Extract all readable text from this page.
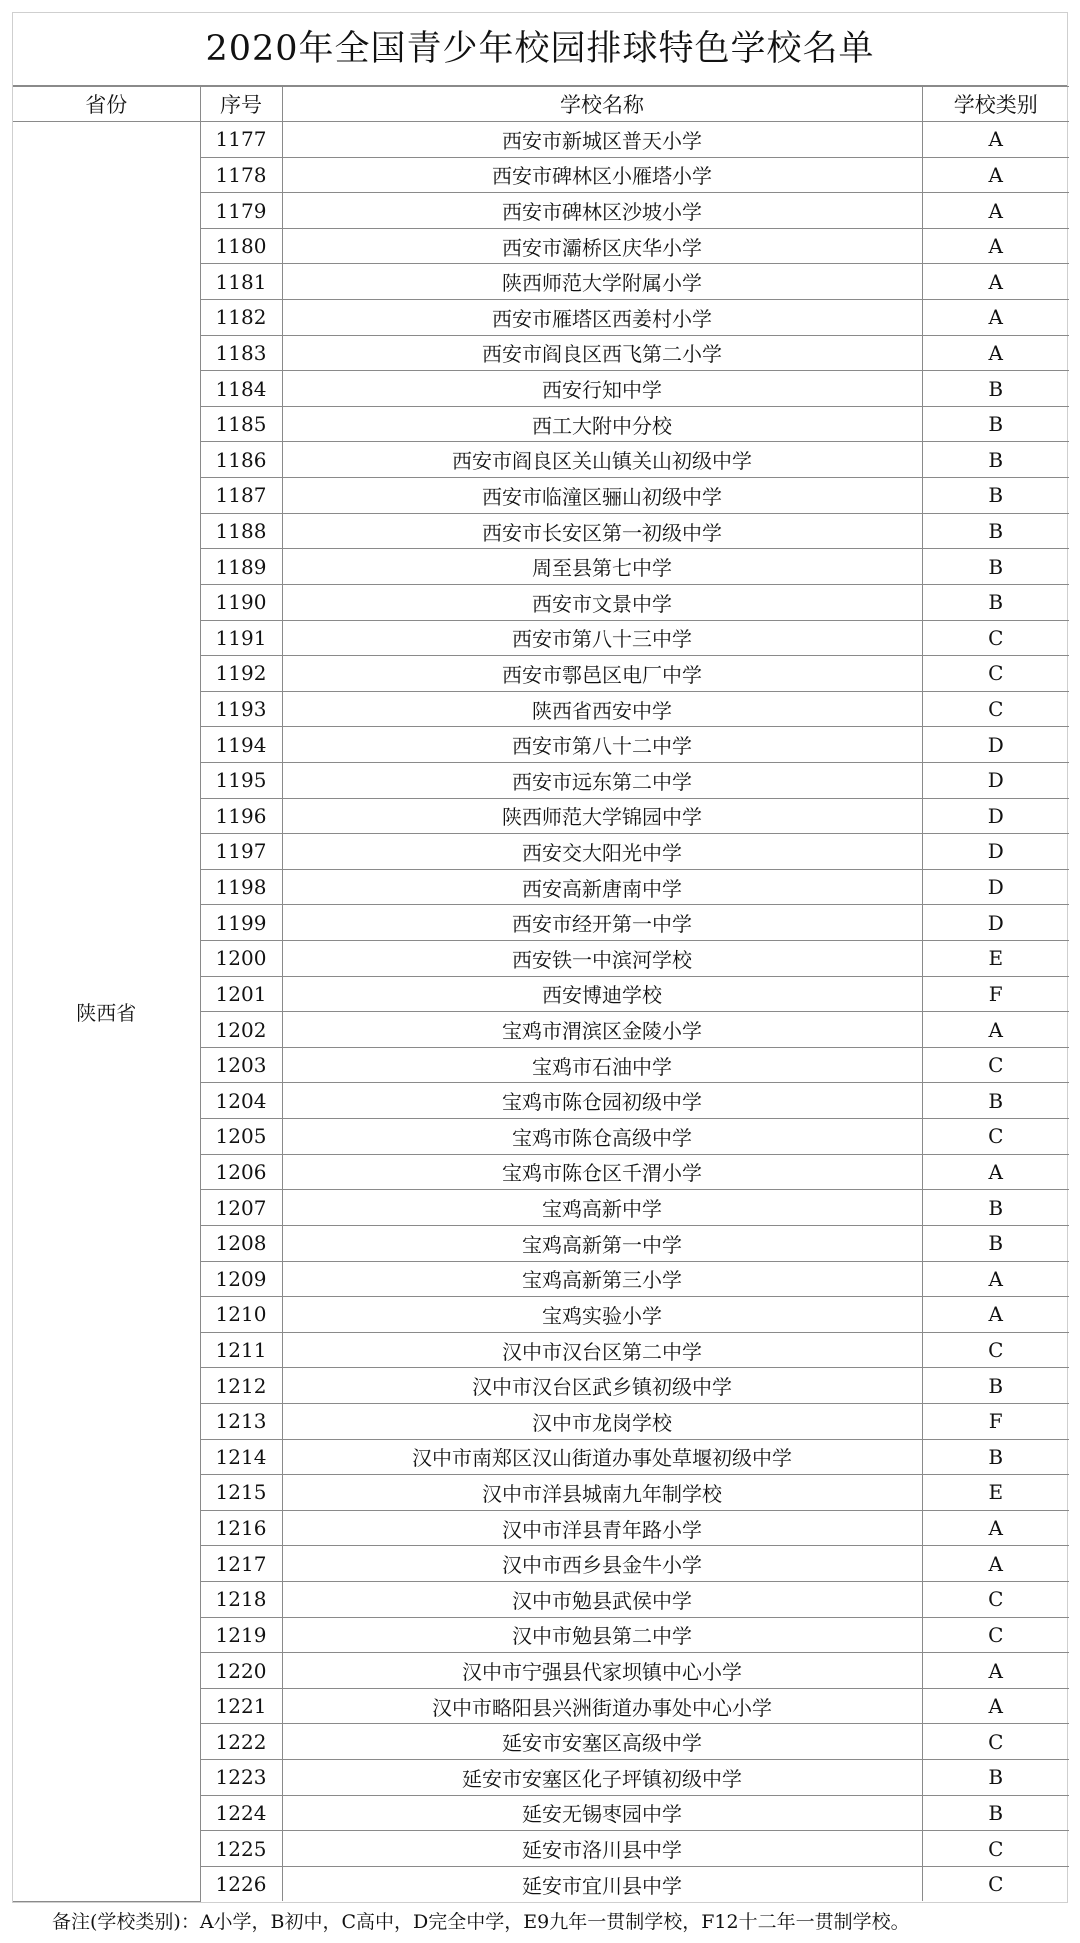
2020年全国青少年校园排球特色学校名单
省份	序号	学校名称	学校类别
陕西省	1177	西安市新城区普天小学	A
	1178	西安市碑林区小雁塔小学	A
	1179	西安市碑林区沙坡小学	A
	1180	西安市灞桥区庆华小学	A
	1181	陕西师范大学附属小学	A
	1182	西安市雁塔区西姜村小学	A
	1183	西安市阎良区西飞第二小学	A
	1184	西安行知中学	B
	1185	西工大附中分校	B
	1186	西安市阎良区关山镇关山初级中学	B
	1187	西安市临潼区骊山初级中学	B
	1188	西安市长安区第一初级中学	B
	1189	周至县第七中学	B
	1190	西安市文景中学	B
	1191	西安市第八十三中学	C
	1192	西安市鄠邑区电厂中学	C
	1193	陕西省西安中学	C
	1194	西安市第八十二中学	D
	1195	西安市远东第二中学	D
	1196	陕西师范大学锦园中学	D
	1197	西安交大阳光中学	D
	1198	西安高新唐南中学	D
	1199	西安市经开第一中学	D
	1200	西安铁一中滨河学校	E
	1201	西安博迪学校	F
	1202	宝鸡市渭滨区金陵小学	A
	1203	宝鸡市石油中学	C
	1204	宝鸡市陈仓园初级中学	B
	1205	宝鸡市陈仓高级中学	C
	1206	宝鸡市陈仓区千渭小学	A
	1207	宝鸡高新中学	B
	1208	宝鸡高新第一中学	B
	1209	宝鸡高新第三小学	A
	1210	宝鸡实验小学	A
	1211	汉中市汉台区第二中学	C
	1212	汉中市汉台区武乡镇初级中学	B
	1213	汉中市龙岗学校	F
	1214	汉中市南郑区汉山街道办事处草堰初级中学	B
	1215	汉中市洋县城南九年制学校	E
	1216	汉中市洋县青年路小学	A
	1217	汉中市西乡县金牛小学	A
	1218	汉中市勉县武侯中学	C
	1219	汉中市勉县第二中学	C
	1220	汉中市宁强县代家坝镇中心小学	A
	1221	汉中市略阳县兴洲街道办事处中心小学	A
	1222	延安市安塞区高级中学	C
	1223	延安市安塞区化子坪镇初级中学	B
	1224	延安无锡枣园中学	B
	1225	延安市洛川县中学	C
	1226	延安市宜川县中学	C
备注(学校类别)：A小学，B初中，C高中，D完全中学，E9九年一贯制学校，F12十二年一贯制学校。
